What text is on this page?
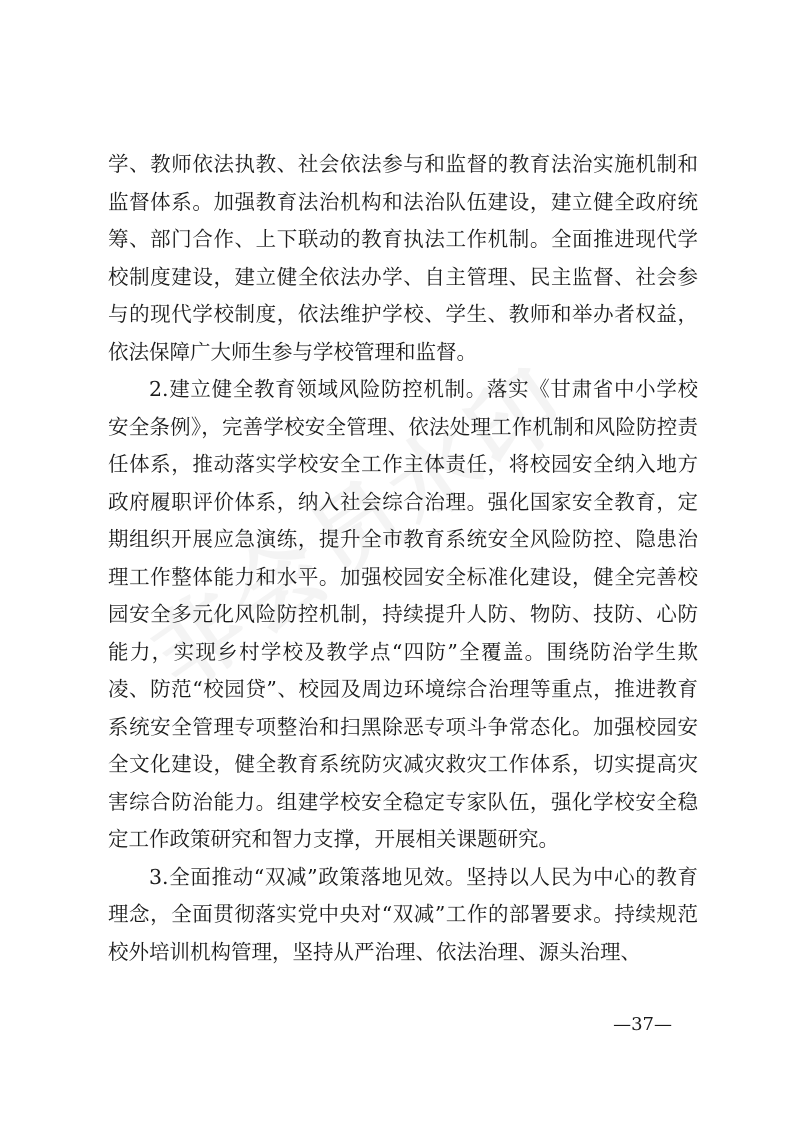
学、教师依法执教、社会依法参与和监督的教育法治实施机制和监督体系。加强教育法治机构和法治队伍建设，建立健全政府统筹、部门合作、上下联动的教育执法工作机制。全面推进现代学校制度建设，建立健全依法办学、自主管理、民主监督、社会参与的现代学校制度，依法维护学校、学生、教师和举办者权益，依法保障广大师生参与学校管理和监督。

2.建立健全教育领域风险防控机制。落实《甘肃省中小学校安全条例》，完善学校安全管理、依法处理工作机制和风险防控责任体系，推动落实学校安全工作主体责任，将校园安全纳入地方政府履职评价体系，纳入社会综合治理。强化国家安全教育，定期组织开展应急演练，提升全市教育系统安全风险防控、隐患治理工作整体能力和水平。加强校园安全标准化建设，健全完善校园安全多元化风险防控机制，持续提升人防、物防、技防、心防能力，实现乡村学校及教学点“四防”全覆盖。围绕防治学生欺凌、防范“校园贷”、校园及周边环境综合治理等重点，推进教育系统安全管理专项整治和扫黑除恶专项斗争常态化。加强校园安全文化建设，健全教育系统防灾减灾救灾工作体系，切实提高灾害综合防治能力。组建学校安全稳定专家队伍，强化学校安全稳定工作政策研究和智力支撑，开展相关课题研究。

3.全面推动“双减”政策落地见效。坚持以人民为中心的教育理念，全面贯彻落实党中央对“双减”工作的部署要求。持续规范校外培训机构管理，坚持从严治理、依法治理、源头治理、

—37—
